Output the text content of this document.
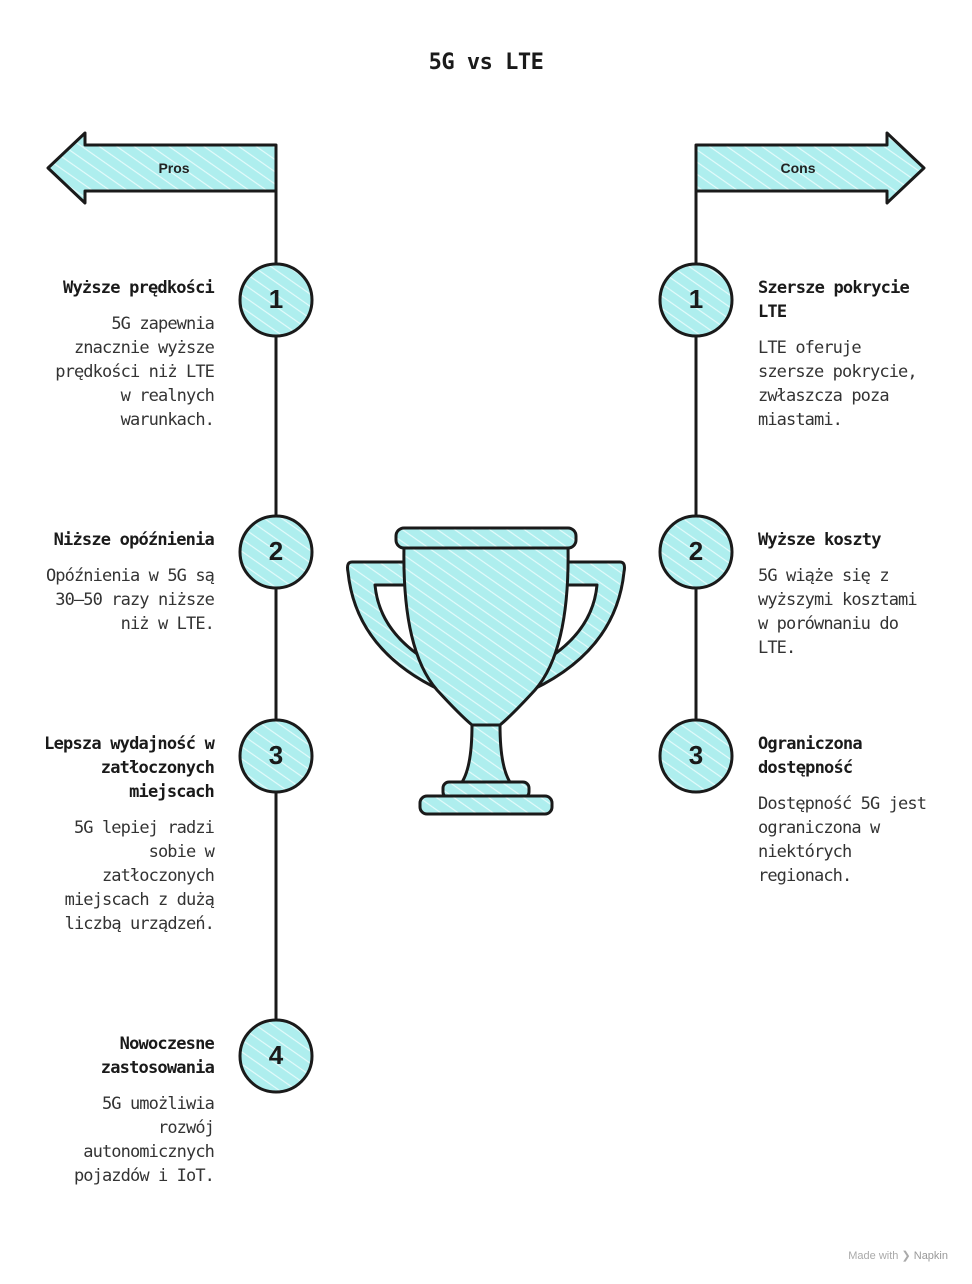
5G vs LTE
Pros	Cons
1
2
3
4
1
2
3
Wyższe prędkości

5G zapewnia znacznie wyższe prędkości niż LTE w realnych warunkach.

Niższe opóźnienia

Opóźnienia w 5G są 30–50 razy niższe niż w LTE.

Lepsza wydajność w zatłoczonych miejscach

5G lepiej radzi sobie w zatłoczonych miejscach z dużą liczbą urządzeń.

Nowoczesne zastosowania

5G umożliwia rozwój autonomicznych pojazdów i IoT.

Szersze pokrycie LTE

LTE oferuje szersze pokrycie, zwłaszcza poza miastami.

Wyższe koszty

5G wiąże się z wyższymi kosztami w porównaniu do LTE.

Ograniczona dostępność

Dostępność 5G jest ograniczona w niektórych regionach.

Made with ❯ Napkin
